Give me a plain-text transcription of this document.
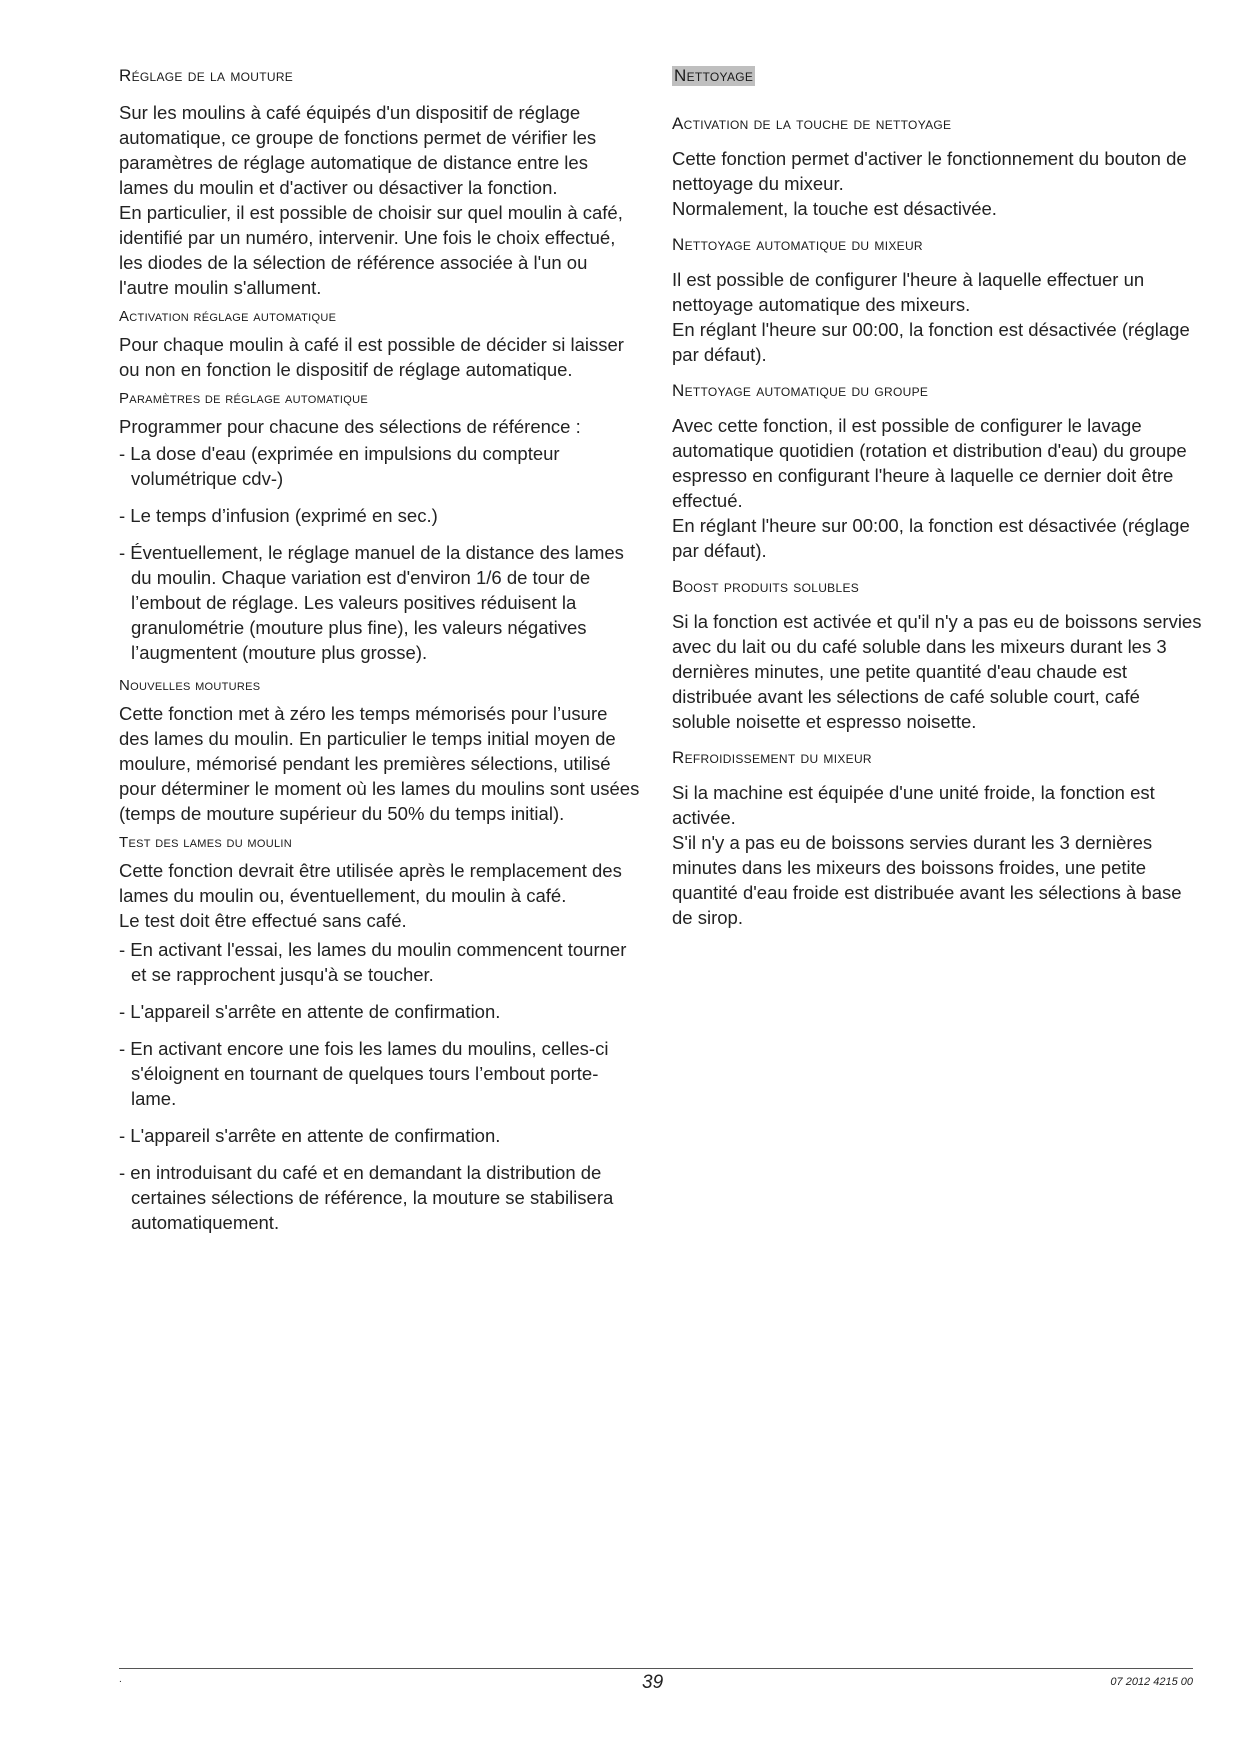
Réglage de la mouture

Sur les moulins à café équipés d'un dispositif de réglage automatique, ce groupe de fonctions permet de vérifier les paramètres de réglage automatique de distance entre les lames du moulin et d'activer ou désactiver la fonction.

En particulier, il est possible de choisir sur quel moulin à café, identifié par un numéro, intervenir. Une fois le choix effectué, les diodes de la sélection de référence associée à l'un ou l'autre moulin s'allument.

Activation réglage automatique

Pour chaque moulin à café il est possible de décider si laisser ou non en fonction le dispositif de réglage automatique.

Paramètres de réglage automatique

Programmer pour chacune des sélections de référence :

- La dose d'eau (exprimée en impulsions du compteur volumétrique cdv-)
- Le temps d’infusion (exprimé en sec.)
- Éventuellement, le réglage manuel de la distance des lames du moulin. Chaque variation est d'environ 1/6 de tour de l’embout de réglage. Les valeurs positives réduisent la granulométrie (mouture plus fine), les valeurs négatives l’augmentent (mouture plus grosse).
Nouvelles moutures

Cette fonction met à zéro les temps mémorisés pour l’usure des lames du moulin. En particulier le temps initial moyen de moulure, mémorisé pendant les premières sélections, utilisé pour déterminer le moment où les lames du moulins sont usées (temps de mouture supérieur du 50% du temps initial).

Test des lames du moulin

Cette fonction devrait être utilisée après le remplacement des lames du moulin ou, éventuellement, du moulin à café.

Le test doit être effectué sans café.

- En activant l'essai, les lames du moulin commencent tourner et se rapprochent jusqu'à se toucher.
- L'appareil s'arrête en attente de confirmation.
- En activant encore une fois les lames du moulins, celles-ci s'éloignent en tournant de quelques tours l’embout porte-lame.
- L'appareil s'arrête en attente de confirmation.
- en introduisant du café et en demandant la distribution de certaines sélections de référence, la mouture se stabilisera automatiquement.
Nettoyage
Activation de la touche de nettoyage

Cette fonction permet d'activer le fonctionnement du bouton de nettoyage du mixeur.

Normalement, la touche est désactivée.

Nettoyage automatique du mixeur

Il est possible de configurer l'heure à laquelle effectuer un nettoyage automatique des mixeurs.

En réglant l'heure sur 00:00, la fonction est désactivée (réglage par défaut).

Nettoyage automatique du groupe

Avec cette fonction, il est possible de configurer le lavage automatique quotidien (rotation et distribution d'eau) du groupe espresso en configurant l'heure à laquelle ce dernier doit être effectué.

En réglant l'heure sur 00:00, la fonction est désactivée (réglage par défaut).

Boost produits solubles

Si la fonction est activée et qu'il n'y a pas eu de boissons servies avec du lait ou du café soluble dans les mixeurs durant les 3 dernières minutes, une petite quantité d'eau chaude est distribuée avant les sélections de café soluble court, café soluble noisette et espresso noisette.

Refroidissement du mixeur

Si la machine est équipée d'une unité froide, la fonction est activée.

S'il n'y a pas eu de boissons servies durant les 3 dernières minutes dans les mixeurs des boissons froides, une petite quantité d'eau froide est distribuée avant les sélections à base de sirop.

.	39	07 2012 4215 00
